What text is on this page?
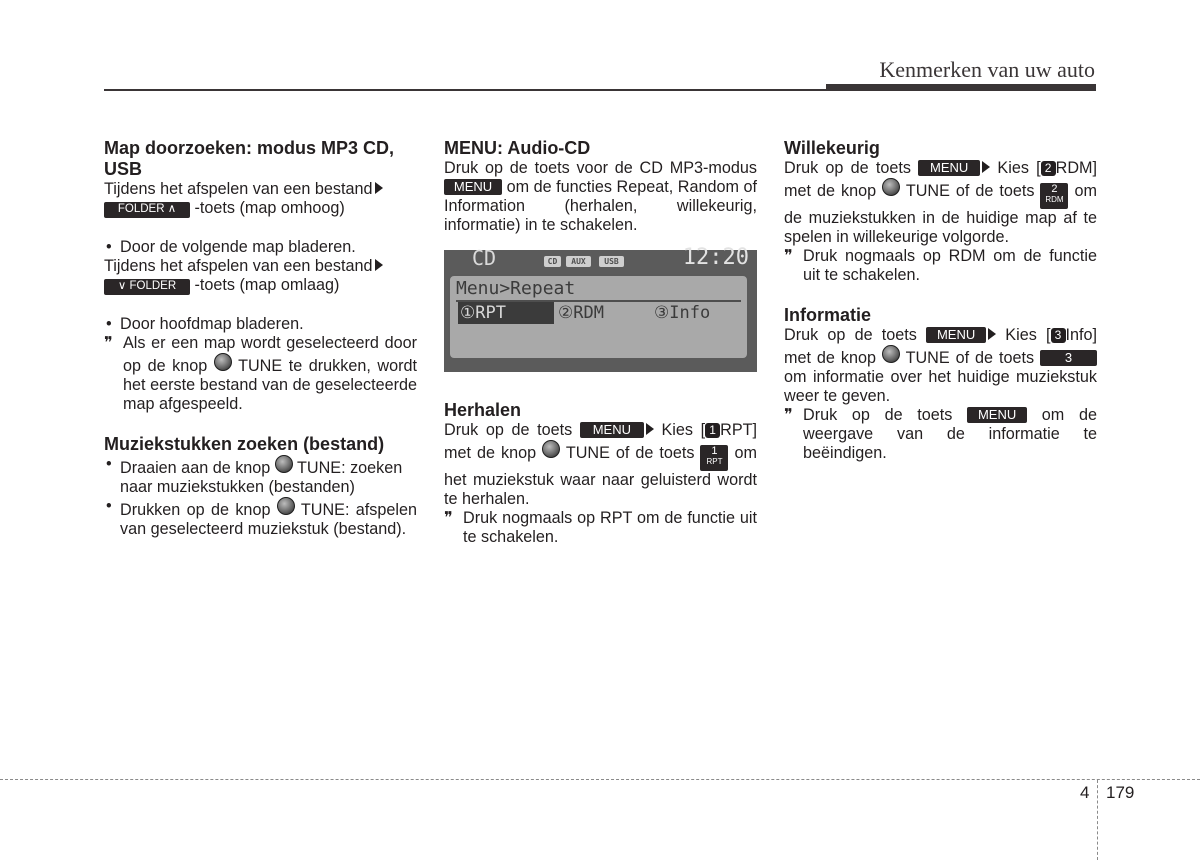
Kenmerken van uw auto
Map doorzoeken: modus MP3 CD, USB

Tijdens het afspelen van een bestand
FOLDER ∧ -toets (map omhoog)

• Door de volgende map bladeren.

Tijdens het afspelen van een bestand
∨ FOLDER -toets (map omlaag)

• Door hoofdmap bladeren.

❞ Als er een map wordt geselecteerd door op de knop TUNE te drukken, wordt het eerste bestand van de geselecteerde map afgespeeld.

Muziekstukken zoeken (bestand)

• Draaien aan de knop TUNE: zoeken naar muziekstukken (bestanden)

• Drukken op de knop TUNE: afspelen van geselecteerd muziekstuk (bestand).

MENU: Audio-CD

Druk op de toets voor de CD MP3-modus MENU om de functies Repeat, Random of Information (herhalen, willekeurig, informatie) in te schakelen.

CD	CD	AUX	USB	12:20
Menu>Repeat
①RPT	②RDM	③Info
Herhalen

Druk op de toets MENU Kies [ 1 RPT] met de knop TUNE of de toets 1
RPT om het muziekstuk waar naar geluisterd wordt te herhalen.

❞ Druk nogmaals op RPT om de functie uit te schakelen.

Willekeurig

Druk op de toets MENU Kies [ 2 RDM] met de knop TUNE of de toets 2
RDM om de muziekstukken in de huidige map af te spelen in willekeurige volgorde.

❞ Druk nogmaals op RDM om de functie uit te schakelen.

Informatie

Druk op de toets MENU Kies [ 3 Info] met de knop TUNE of de toets 3 om informatie over het huidige muziekstuk weer te geven.

❞ Druk op de toets MENU om de weergave van de informatie te beëindigen.

4 179
